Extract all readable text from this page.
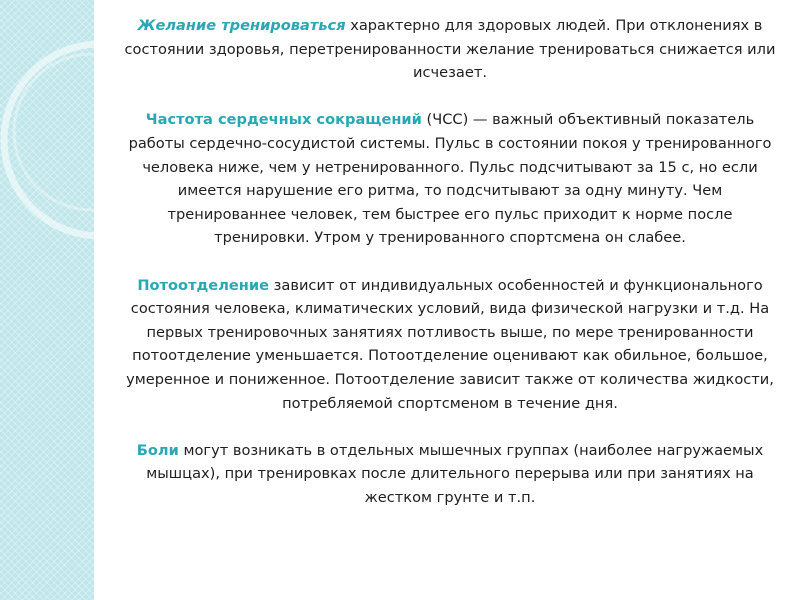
Желание тренироваться характерно для здоровых людей. При отклонениях в состоянии здоровья, перетренированности желание тренироваться снижается или исчезает.

Частота сердечных сокращений (ЧСС) — важный объективный показатель работы сердечно-сосудистой системы. Пульс в состоянии покоя у тренированного человека ниже, чем у нетренированного. Пульс подсчитывают за 15 с, но если имеется нарушение его ритма, то подсчитывают за одну минуту. Чем тренированнее человек, тем быстрее его пульс приходит к норме после тренировки. Утром у тренированного спортсмена он слабее.

Потоотделение зависит от индивидуальных особенностей и функционального состояния человека, климатических условий, вида физической нагрузки и т.д. На первых тренировочных занятиях потливость выше, по мере тренированности потоотделение уменьшается. Потоотделение оценивают как обильное, большое, умеренное и пониженное. Потоотделение зависит также от количества жидкости, потребляемой спортсменом в течение дня.

Боли могут возникать в отдельных мышечных группах (наиболее нагружаемых мышцах), при тренировках после длительного перерыва или при занятиях на жестком грунте и т.п.
